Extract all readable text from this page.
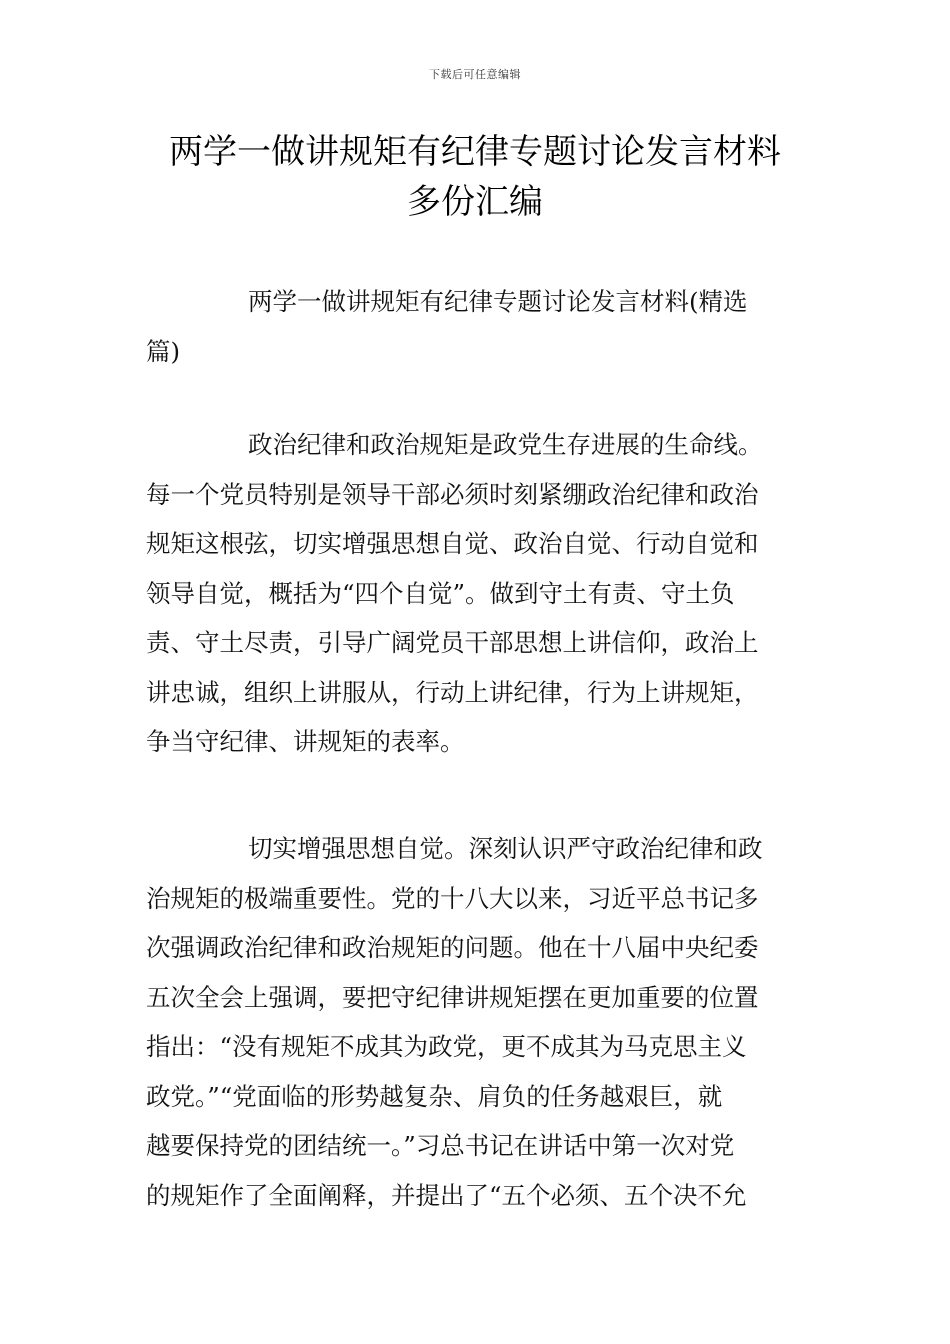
下载后可任意编辑
两学一做讲规矩有纪律专题讨论发言材料
多份汇编
两学一做讲规矩有纪律专题讨论发言材料(精选
篇)
政治纪律和政治规矩是政党生存进展的生命线。
每一个党员特别是领导干部必须时刻紧绷政治纪律和政治
规矩这根弦，切实增强思想自觉、政治自觉、行动自觉和
领导自觉，概括为“四个自觉”。做到守土有责、守土负
责、守土尽责，引导广阔党员干部思想上讲信仰，政治上
讲忠诚，组织上讲服从，行动上讲纪律，行为上讲规矩，
争当守纪律、讲规矩的表率。
切实增强思想自觉。深刻认识严守政治纪律和政
治规矩的极端重要性。党的十八大以来，习近平总书记多
次强调政治纪律和政治规矩的问题。他在十八届中央纪委
五次全会上强调，要把守纪律讲规矩摆在更加重要的位置
指出：“没有规矩不成其为政党，更不成其为马克思主义
政党。”“党面临的形势越复杂、肩负的任务越艰巨，就
越要保持党的团结统一。”习总书记在讲话中第一次对党
的规矩作了全面阐释，并提出了“五个必须、五个决不允
